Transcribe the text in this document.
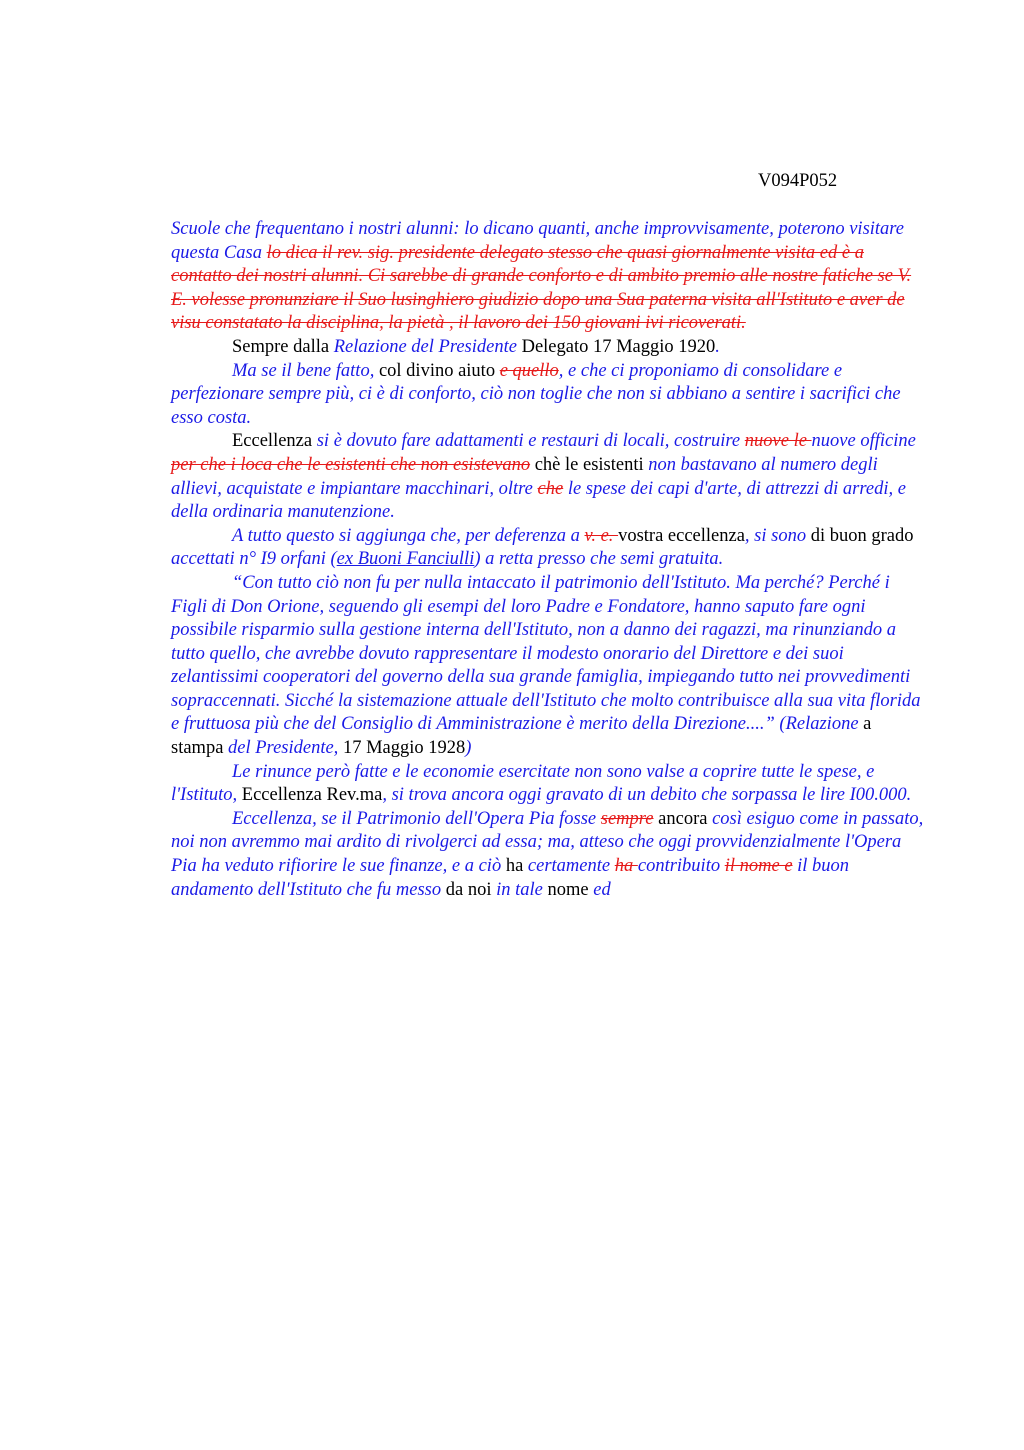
V094P052

Scuole che frequentano i nostri alunni: lo dicano quanti, anche improvvisamente, poterono visitare questa Casa lo dica il rev. sig. presidente delegato stesso che quasi giornalmente visita ed è a contatto dei nostri alunni. Ci sarebbe di grande conforto e di ambito premio alle nostre fatiche se V. E. volesse pronunziare il Suo lusinghiero giudizio dopo una Sua paterna visita all'Istituto e aver de visu constatato la disciplina, la pietà , il lavoro dei 150 giovani ivi ricoverati.

Sempre dalla Relazione del Presidente Delegato 17 Maggio 1920.

Ma se il bene fatto, col divino aiuto e quello, e che ci proponiamo di consolidare e perfezionare sempre più, ci è di conforto, ciò non toglie che non si abbiano a sentire i sacrifici che esso costa.

Eccellenza si è dovuto fare adattamenti e restauri di locali, costruire nuove le nuove officine per che i loca che le esistenti che non esistevano chè le esistenti non bastavano al numero degli allievi, acquistate e impiantare macchinari, oltre che le spese dei capi d'arte, di attrezzi di arredi, e della ordinaria manutenzione.

A tutto questo si aggiunga che, per deferenza a v. e. vostra eccellenza, si sono di buon grado accettati n° I9 orfani (ex Buoni Fanciulli) a retta presso che semi gratuita.

“Con tutto ciò non fu per nulla intaccato il patrimonio dell'Istituto. Ma perché? Perché i Figli di Don Orione, seguendo gli esempi del loro Padre e Fondatore, hanno saputo fare ogni possibile risparmio sulla gestione interna dell'Istituto, non a danno dei ragazzi, ma rinunziando a tutto quello, che avrebbe dovuto rappresentare il modesto onorario del Direttore e dei suoi zelantissimi cooperatori del governo della sua grande famiglia, impiegando tutto nei provvedimenti sopraccennati. Sicché la sistemazione attuale dell'Istituto che molto contribuisce alla sua vita florida e fruttuosa più che del Consiglio di Amministrazione è merito della Direzione....” (Relazione a stampa del Presidente, 17 Maggio 1928)

Le rinunce però fatte e le economie esercitate non sono valse a coprire tutte le spese, e l'Istituto, Eccellenza Rev.ma, si trova ancora oggi gravato di un debito che sorpassa le lire I00.000.

Eccellenza, se il Patrimonio dell'Opera Pia fosse sempre ancora così esiguo come in passato, noi non avremmo mai ardito di rivolgerci ad essa; ma, atteso che oggi provvidenzialmente l'Opera Pia ha veduto rifiorire le sue finanze, e a ciò ha certamente ha contribuito il nome e il buon andamento dell'Istituto che fu messo da noi in tale nome ed
